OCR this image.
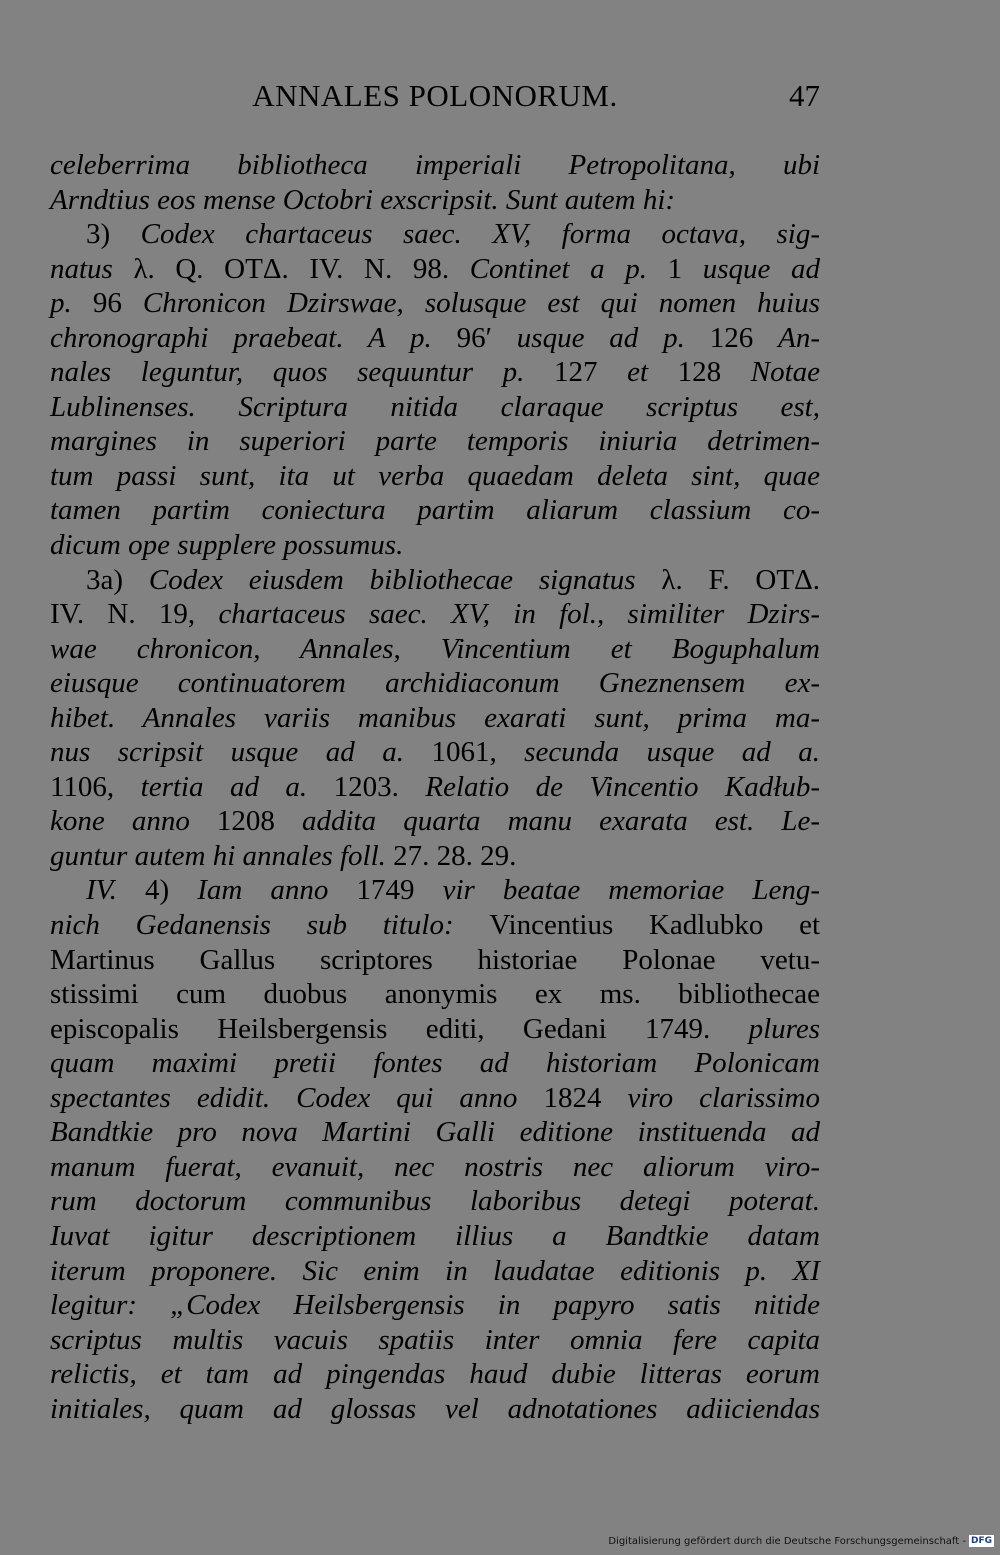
ANNALES POLONORUM.	47
celeberrima bibliotheca imperiali Petropolitana, ubi
Arndtius eos mense Octobri exscripsit. Sunt autem hi:
3) Codex chartaceus saec. XV, forma octava, sig-
natus λ. Q. OTΔ. IV. N. 98. Continet a p. 1 usque ad
p. 96 Chronicon Dzirswae, solusque est qui nomen huius
chronographi praebeat. A p. 96′ usque ad p. 126 An-
nales leguntur, quos sequuntur p. 127 et 128 Notae
Lublinenses. Scriptura nitida claraque scriptus est,
margines in superiori parte temporis iniuria detrimen-
tum passi sunt, ita ut verba quaedam deleta sint, quae
tamen partim coniectura partim aliarum classium co-
dicum ope supplere possumus.
3a) Codex eiusdem bibliothecae signatus λ. F. OTΔ.
IV. N. 19, chartaceus saec. XV, in fol., similiter Dzirs-
wae chronicon, Annales, Vincentium et Boguphalum
eiusque continuatorem archidiaconum Gneznensem ex-
hibet. Annales variis manibus exarati sunt, prima ma-
nus scripsit usque ad a. 1061, secunda usque ad a.
1106, tertia ad a. 1203. Relatio de Vincentio Kadłub-
kone anno 1208 addita quarta manu exarata est. Le-
guntur autem hi annales foll. 27. 28. 29.
IV. 4) Iam anno 1749 vir beatae memoriae Leng-
nich Gedanensis sub titulo: Vincentius Kadlubko et
Martinus Gallus scriptores historiae Polonae vetu-
stissimi cum duobus anonymis ex ms. bibliothecae
episcopalis Heilsbergensis editi, Gedani 1749. plures
quam maximi pretii fontes ad historiam Polonicam
spectantes edidit. Codex qui anno 1824 viro clarissimo
Bandtkie pro nova Martini Galli editione instituenda ad
manum fuerat, evanuit, nec nostris nec aliorum viro-
rum doctorum communibus laboribus detegi poterat.
Iuvat igitur descriptionem illius a Bandtkie datam
iterum proponere. Sic enim in laudatae editionis p. XI
legitur: „Codex Heilsbergensis in papyro satis nitide
scriptus multis vacuis spatiis inter omnia fere capita
relictis, et tam ad pingendas haud dubie litteras eorum
initiales, quam ad glossas vel adnotationes adiiciendas
Digitalisierung gefördert durch die Deutsche Forschungsgemeinschaft - DFG
